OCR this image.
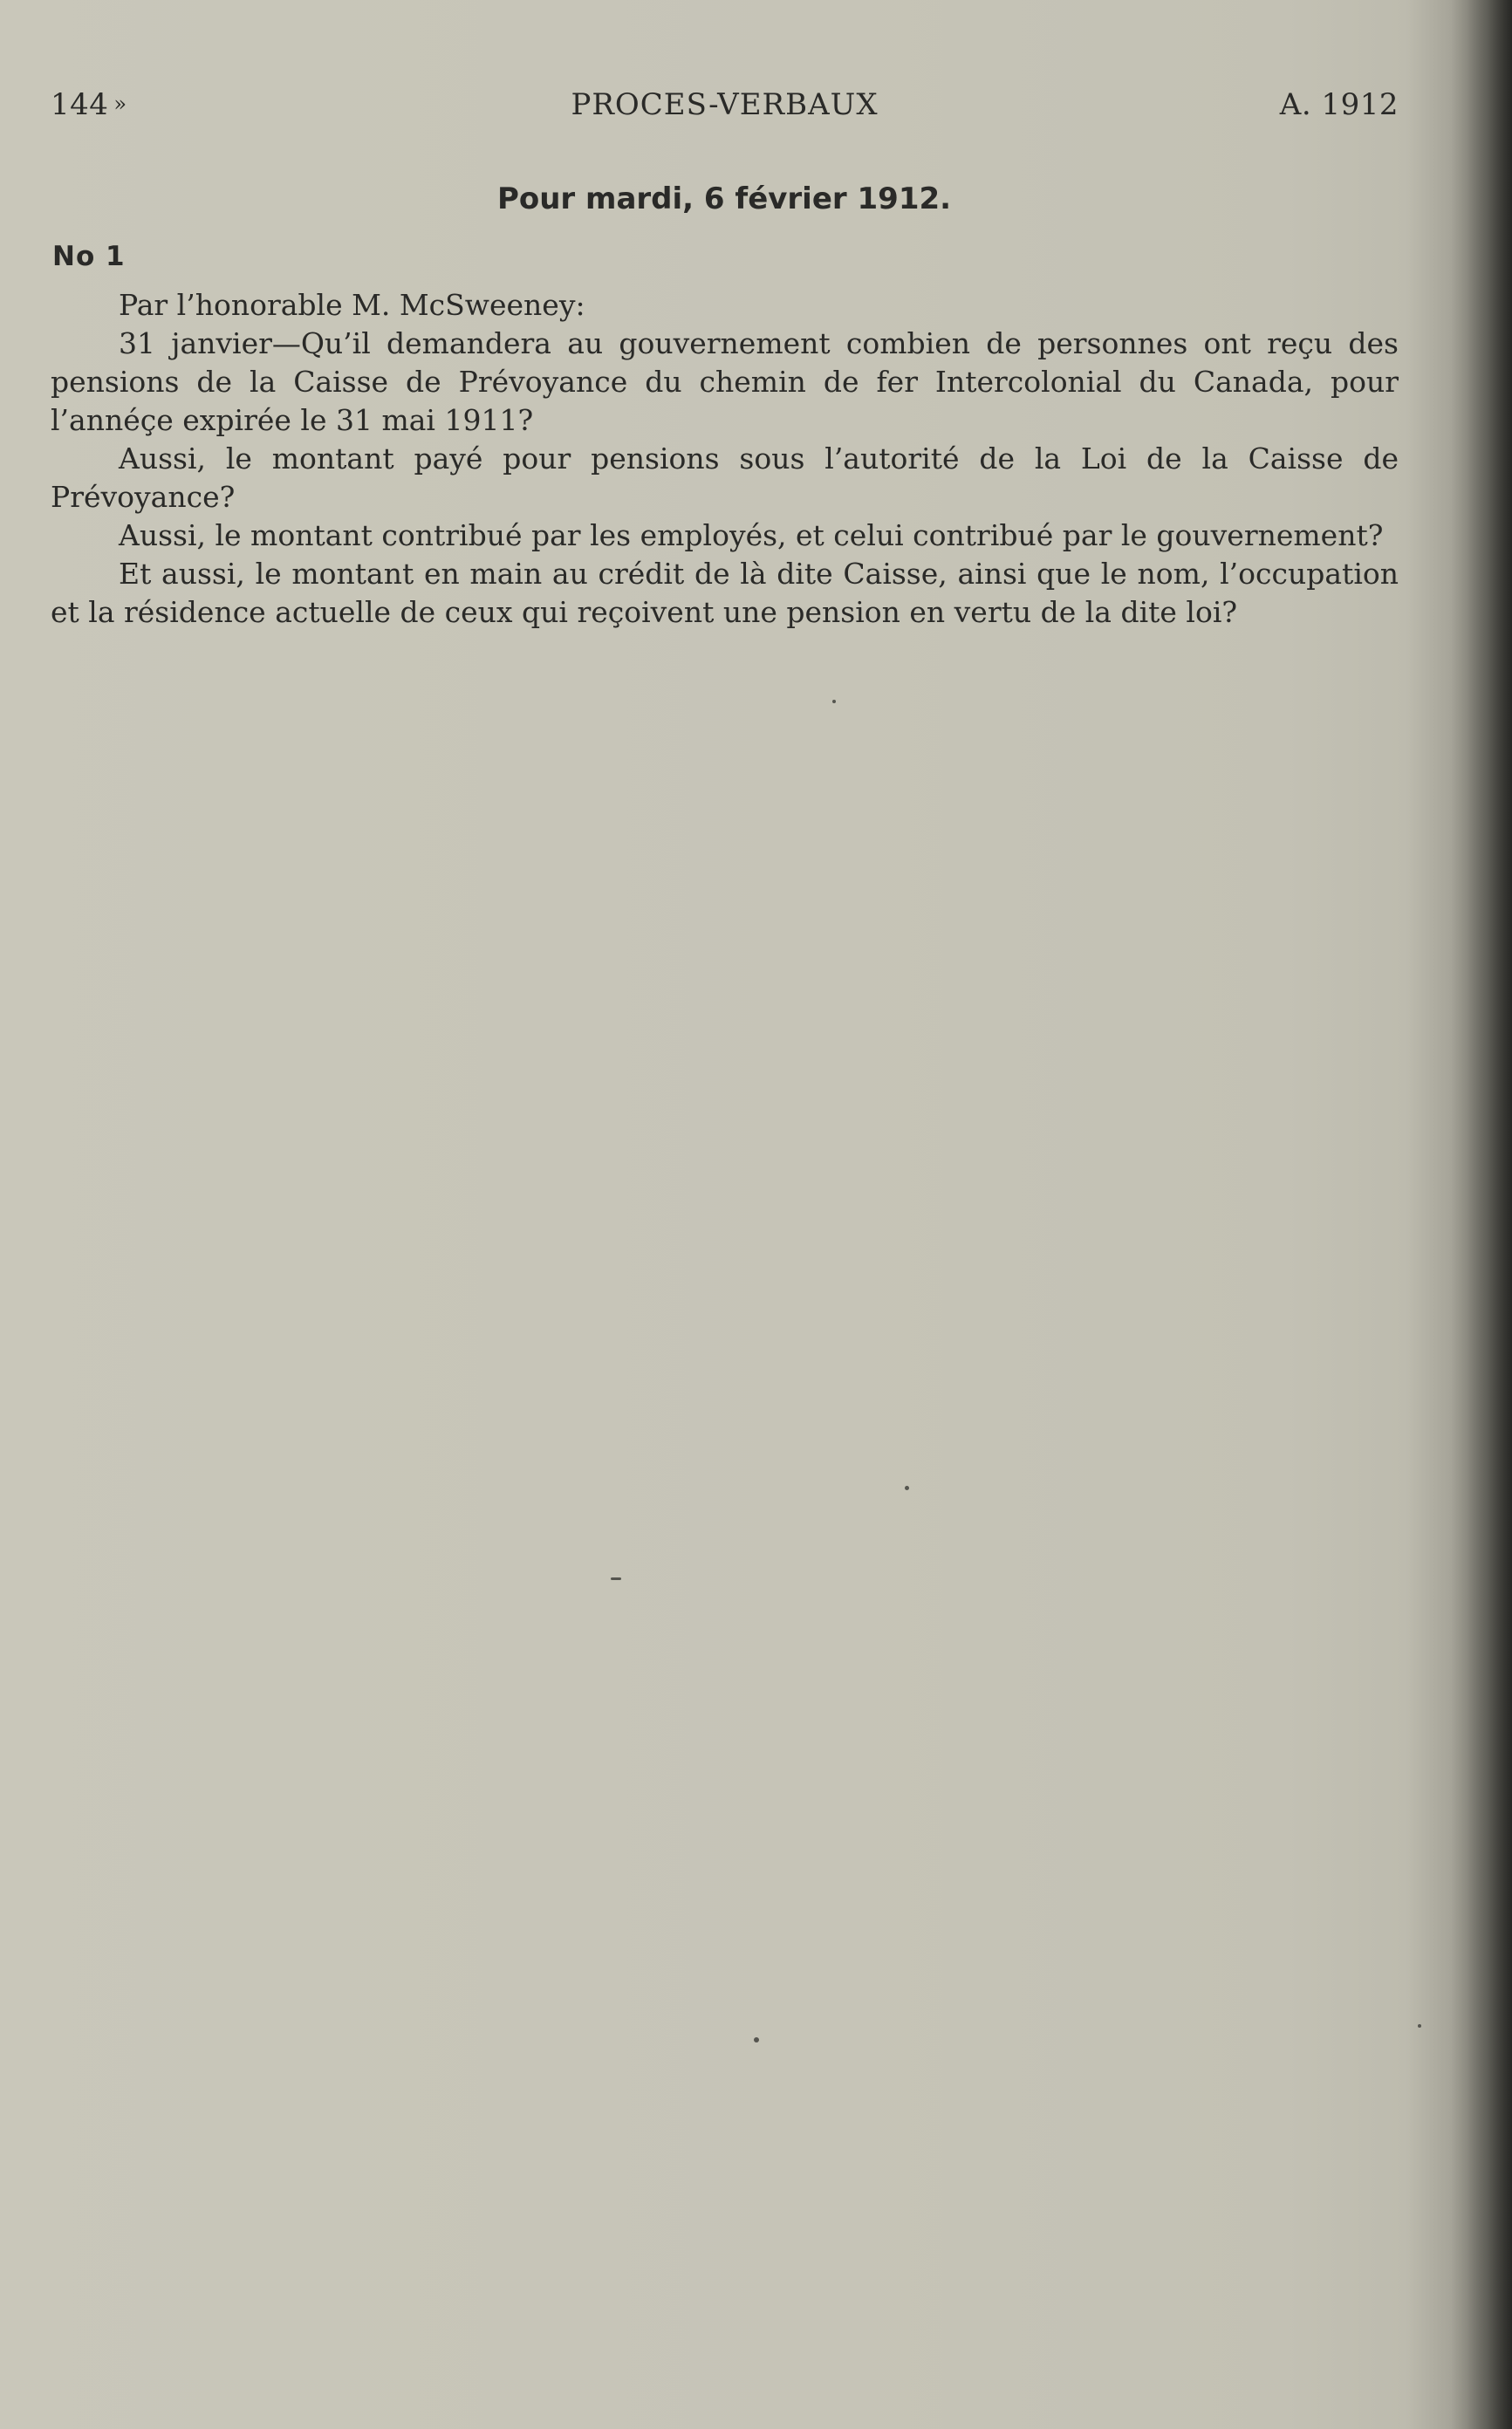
144 »	PROCES-VERBAUX	A. 1912
Pour mardi, 6 février 1912.
No 1

Par l’honorable M. McSweeney:

31 janvier—Qu’il demandera au gouvernement combien de personnes ont reçu des pensions de la Caisse de Prévoyance du chemin de fer Intercolonial du Canada, pour l’annéçe expirée le 31 mai 1911?

Aussi, le montant payé pour pensions sous l’autorité de la Loi de la Caisse de Prévoyance?

Aussi, le montant contribué par les employés, et celui contribué par le gouvernement?

Et aussi, le montant en main au crédit de là dite Caisse, ainsi que le nom, l’occupation et la résidence actuelle de ceux qui reçoivent une pension en vertu de la dite loi?
